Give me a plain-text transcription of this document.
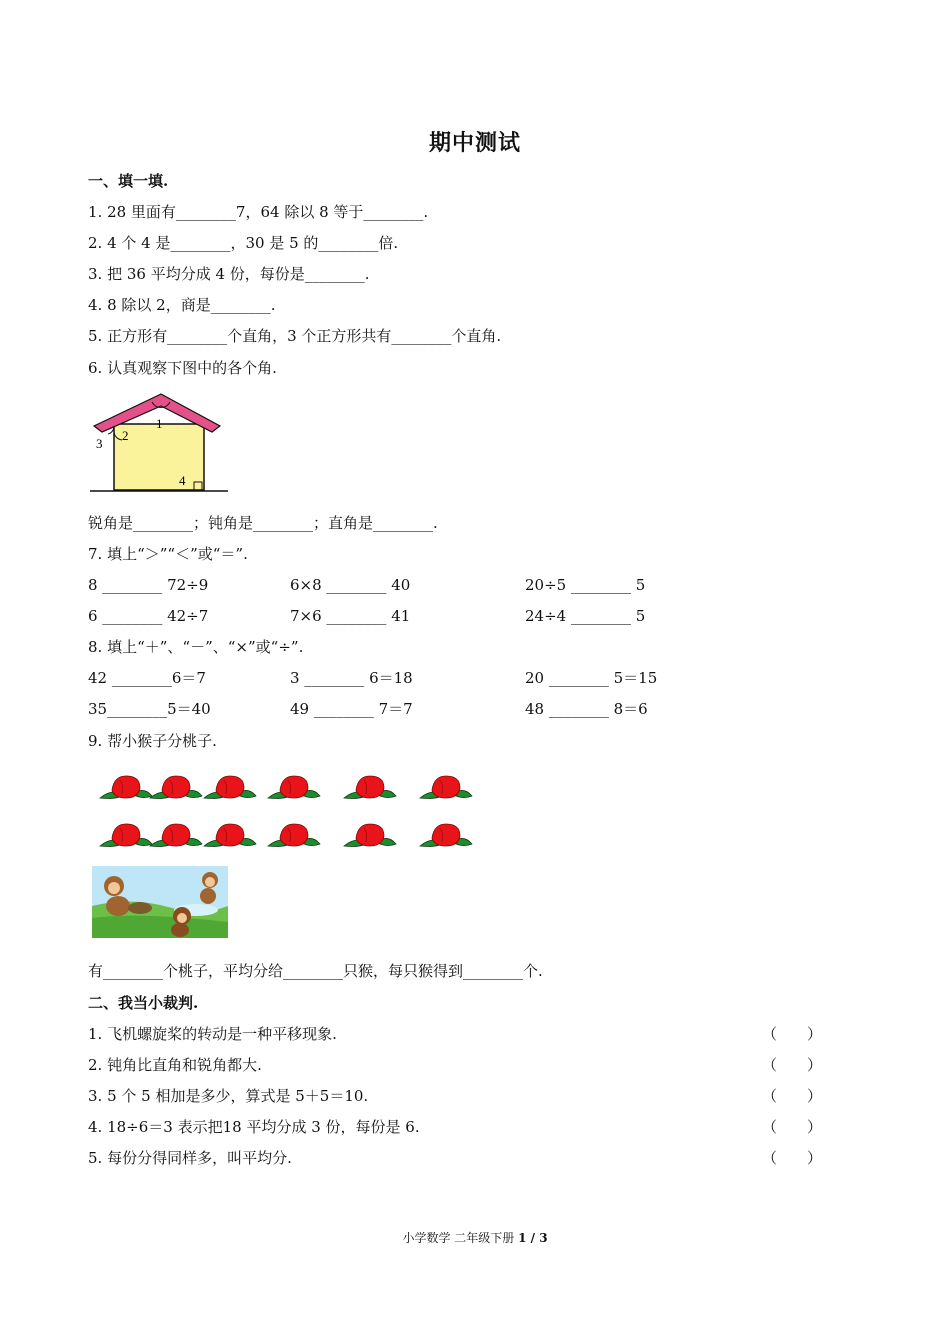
期中测试
一、填一填.
1. 28 里面有________7，64 除以 8 等于________.
2. 4 个 4 是________，30 是 5 的________倍.
3. 把 36 平均分成 4 份，每份是________.
4. 8 除以 2，商是________.
5. 正方形有________个直角，3 个正方形共有________个直角.
6. 认真观察下图中的各个角.
1
2
3
4
锐角是________；钝角是________；直角是________.
7. 填上“＞”“＜”或“＝”.
8 ________ 72÷9	6×8 ________ 40	20÷5 ________ 5
6 ________ 42÷7	7×6 ________ 41	24÷4 ________ 5
8. 填上“＋”、“－”、“×”或“÷”.
42 ________6＝7	3 ________ 6＝18	20 ________ 5＝15
35________5＝40	49 ________ 7＝7	48 ________ 8＝6
9. 帮小猴子分桃子.
有________个桃子，平均分给________只猴，每只猴得到________个.
二、我当小裁判.
1. 飞机螺旋桨的转动是一种平移现象.	（　　）
2. 钝角比直角和锐角都大.	（　　）
3. 5 个 5 相加是多少，算式是 5＋5＝10.	（　　）
4. 18÷6＝3 表示把18 平均分成 3 份，每份是 6.	（　　）
5. 每份分得同样多，叫平均分.	（　　）
小学数学 二年级下册 1 / 3
